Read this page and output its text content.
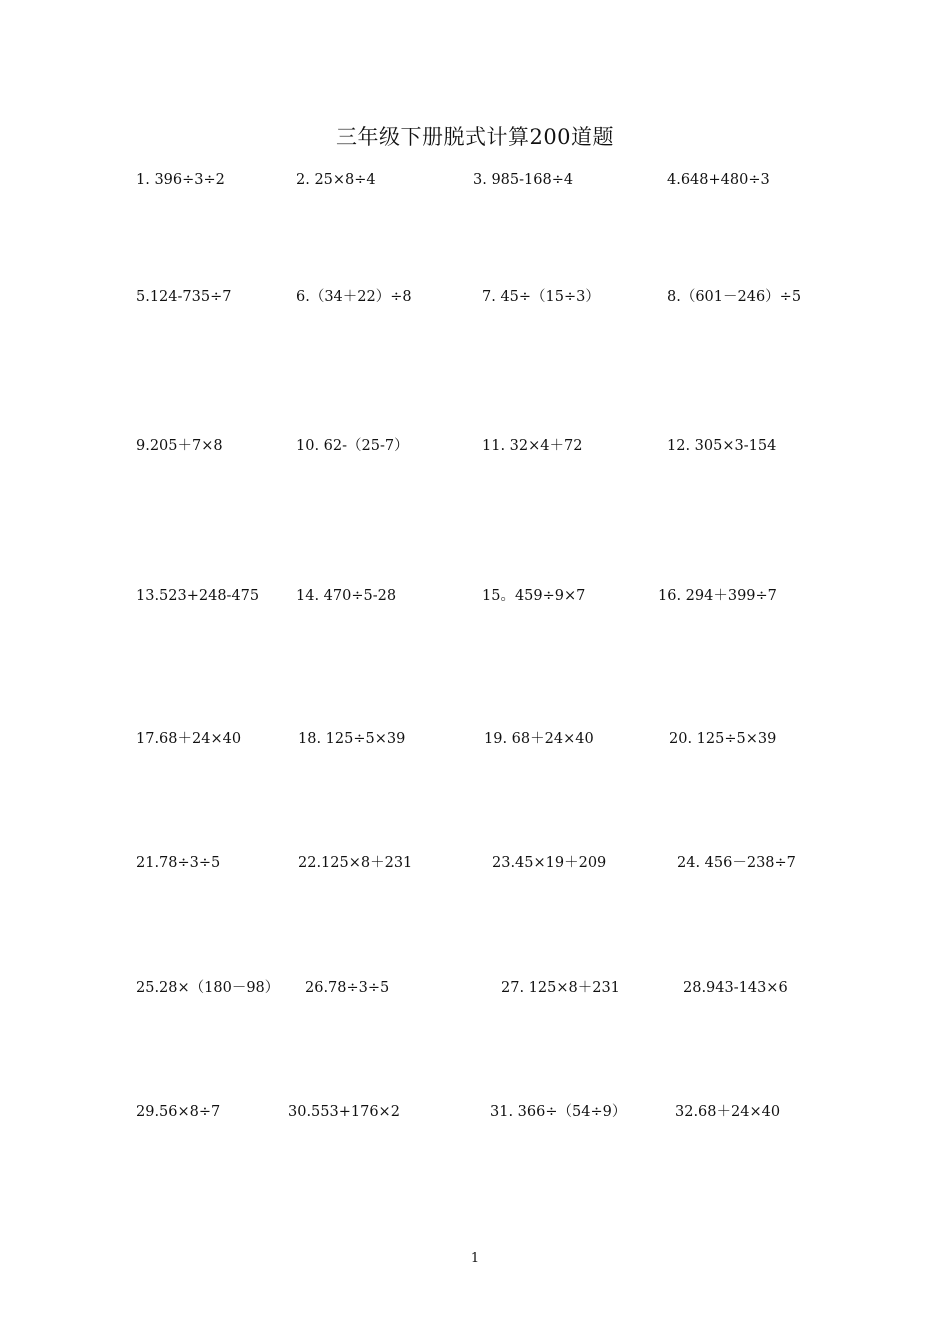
三年级下册脱式计算200道题
1. 396÷3÷2	2. 25×8÷4	3. 985-168÷4	4.648+480÷3
5.124-735÷7	6.（34＋22）÷8	7. 45÷（15÷3）	8.（601－246）÷5
9.205＋7×8	10. 62-（25-7）	11. 32×4＋72	12. 305×3-154
13.523+248-475	14. 470÷5-28	15。459÷9×7	16. 294＋399÷7
17.68＋24×40	18. 125÷5×39	19. 68＋24×40	20. 125÷5×39
21.78÷3÷5	22.125×8＋231	23.45×19＋209	24. 456－238÷7
25.28×（180－98） 26.78÷3÷5	27. 125×8＋231	28.943-143×6
29.56×8÷7	30.553+176×2	31. 366÷（54÷9）	32.68＋24×40
1
